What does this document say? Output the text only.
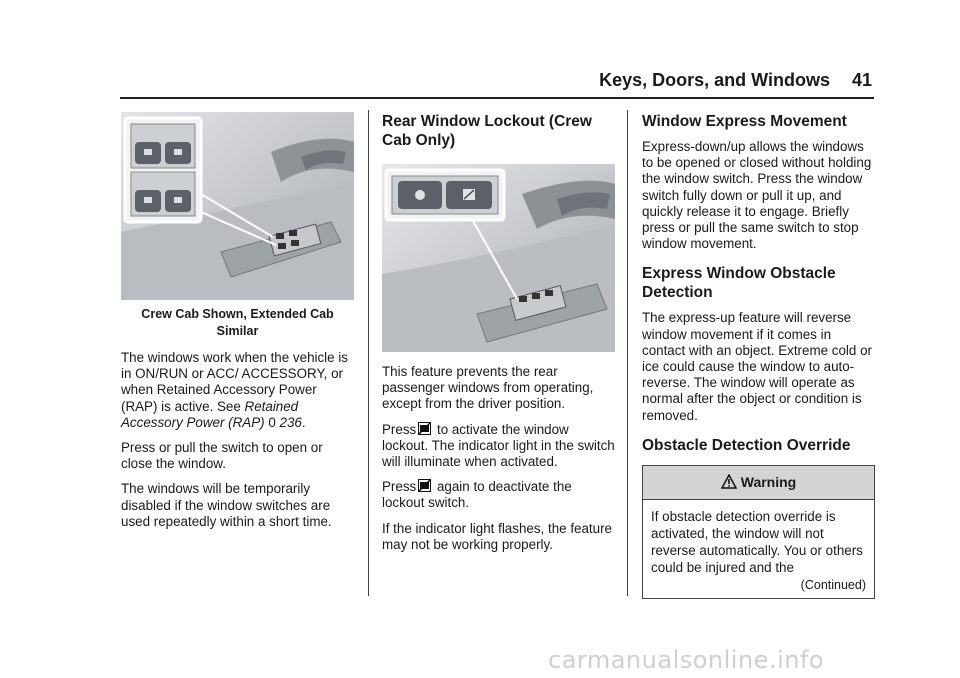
Keys, Doors, and Windows 41
Crew Cab Shown, Extended Cab
Similar

The windows work when the vehicle is in ON/RUN or ACC/ ACCESSORY, or when Retained Accessory Power (RAP) is active. See Retained Accessory Power (RAP) 0 236.

Press or pull the switch to open or close the window.

The windows will be temporarily disabled if the window switches are used repeatedly within a short time.

Rear Window Lockout (Crew Cab Only)

This feature prevents the rear passenger windows from operating, except from the driver position.

Press to activate the window lockout. The indicator light in the switch will illuminate when activated.

Press again to deactivate the lockout switch.

If the indicator light flashes, the feature may not be working properly.

Window Express Movement

Express-down/up allows the windows to be opened or closed without holding the window switch. Press the window switch fully down or pull it up, and quickly release it to engage. Briefly press or pull the same switch to stop window movement.

Express Window Obstacle Detection

The express-up feature will reverse window movement if it comes in contact with an object. Extreme cold or ice could cause the window to auto-reverse. The window will operate as normal after the object or condition is removed.

Obstacle Detection Override
Warning
If obstacle detection override is activated, the window will not reverse automatically. You or others could be injured and the
(Continued)
carmanualsonline.info
